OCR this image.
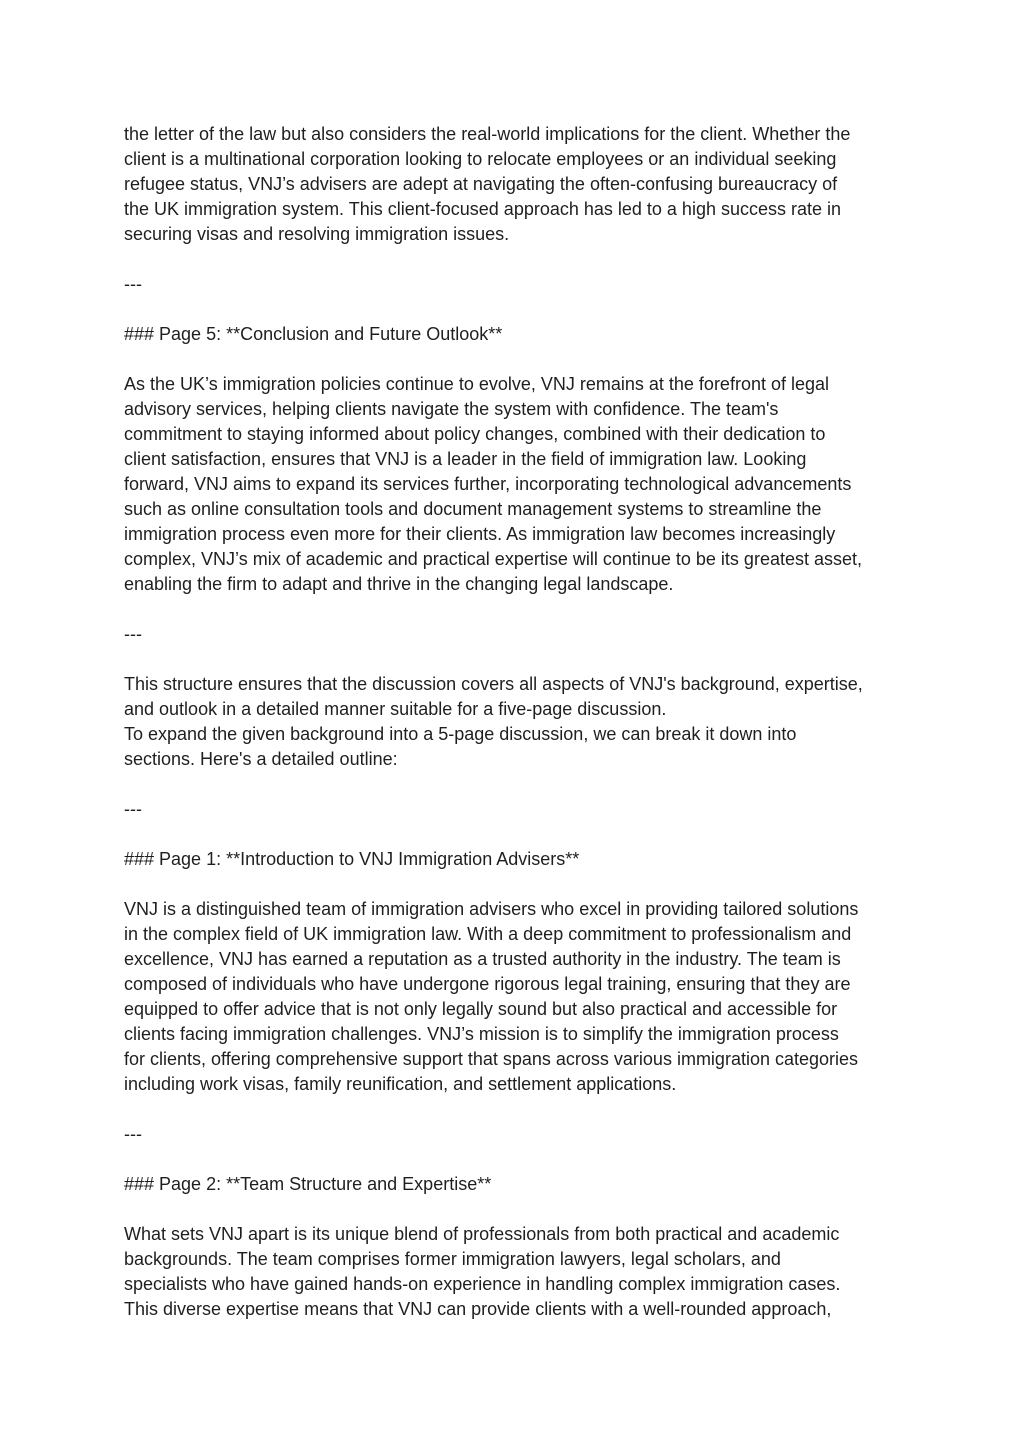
the letter of the law but also considers the real-world implications for the client. Whether the
client is a multinational corporation looking to relocate employees or an individual seeking
refugee status, VNJ’s advisers are adept at navigating the often-confusing bureaucracy of
the UK immigration system. This client-focused approach has led to a high success rate in
securing visas and resolving immigration issues.

---

### Page 5: **Conclusion and Future Outlook**

As the UK’s immigration policies continue to evolve, VNJ remains at the forefront of legal
advisory services, helping clients navigate the system with confidence. The team's
commitment to staying informed about policy changes, combined with their dedication to
client satisfaction, ensures that VNJ is a leader in the field of immigration law. Looking
forward, VNJ aims to expand its services further, incorporating technological advancements
such as online consultation tools and document management systems to streamline the
immigration process even more for their clients. As immigration law becomes increasingly
complex, VNJ’s mix of academic and practical expertise will continue to be its greatest asset,
enabling the firm to adapt and thrive in the changing legal landscape.

---

This structure ensures that the discussion covers all aspects of VNJ's background, expertise,
and outlook in a detailed manner suitable for a five-page discussion.
To expand the given background into a 5-page discussion, we can break it down into
sections. Here's a detailed outline:

---

### Page 1: **Introduction to VNJ Immigration Advisers**

VNJ is a distinguished team of immigration advisers who excel in providing tailored solutions
in the complex field of UK immigration law. With a deep commitment to professionalism and
excellence, VNJ has earned a reputation as a trusted authority in the industry. The team is
composed of individuals who have undergone rigorous legal training, ensuring that they are
equipped to offer advice that is not only legally sound but also practical and accessible for
clients facing immigration challenges. VNJ’s mission is to simplify the immigration process
for clients, offering comprehensive support that spans across various immigration categories
including work visas, family reunification, and settlement applications.

---

### Page 2: **Team Structure and Expertise**

What sets VNJ apart is its unique blend of professionals from both practical and academic
backgrounds. The team comprises former immigration lawyers, legal scholars, and
specialists who have gained hands-on experience in handling complex immigration cases.
This diverse expertise means that VNJ can provide clients with a well-rounded approach,
